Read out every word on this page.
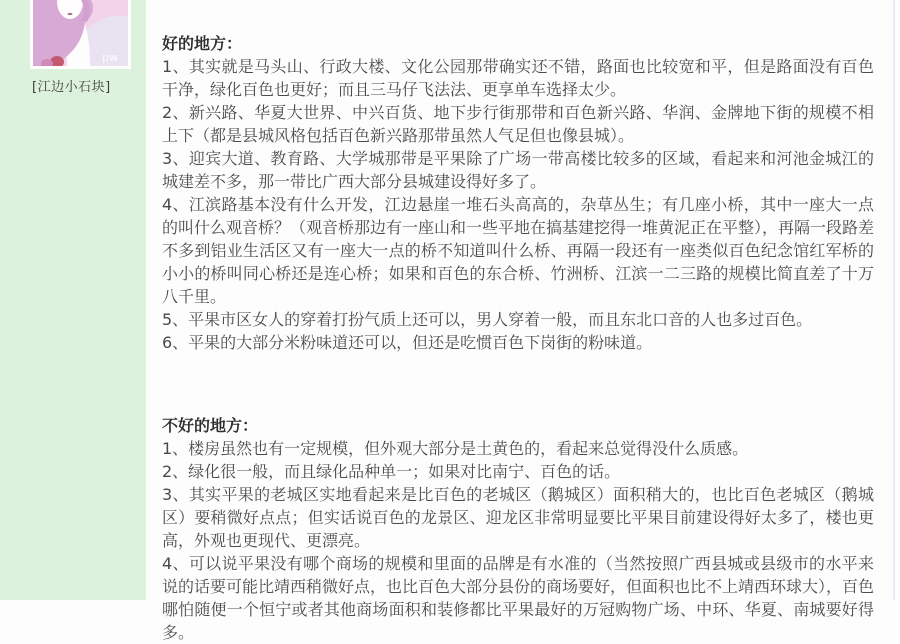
pw
[江边小石块]

好的地方：

1、其实就是马头山、行政大楼、文化公园那带确实还不错，路面也比较宽和平，但是路面没有百色干净，绿化百色也更好；而且三马仔飞法法、更享单车选择太少。

2、新兴路、华夏大世界、中兴百货、地下步行街那带和百色新兴路、华润、金牌地下街的规模不相上下（都是县城风格包括百色新兴路那带虽然人气足但也像县城）。

3、迎宾大道、教育路、大学城那带是平果除了广场一带高楼比较多的区域，看起来和河池金城江的城建差不多，那一带比广西大部分县城建设得好多了。

4、江滨路基本没有什么开发，江边悬崖一堆石头高高的，杂草丛生；有几座小桥，其中一座大一点的叫什么观音桥？（观音桥那边有一座山和一些平地在搞基建挖得一堆黄泥正在平整），再隔一段路差不多到铝业生活区又有一座大一点的桥不知道叫什么桥、再隔一段还有一座类似百色纪念馆红军桥的小小的桥叫同心桥还是连心桥；如果和百色的东合桥、竹洲桥、江滨一二三路的规模比简直差了十万八千里。

5、平果市区女人的穿着打扮气质上还可以，男人穿着一般，而且东北口音的人也多过百色。

6、平果的大部分米粉味道还可以，但还是吃惯百色下岗街的粉味道。

不好的地方：

1、楼房虽然也有一定规模，但外观大部分是土黄色的，看起来总觉得没什么质感。

2、绿化很一般，而且绿化品种单一；如果对比南宁、百色的话。

3、其实平果的老城区实地看起来是比百色的老城区（鹅城区）面积稍大的，也比百色老城区（鹅城区）要稍微好点点；但实话说百色的龙景区、迎龙区非常明显要比平果目前建设得好太多了，楼也更高，外观也更现代、更漂亮。

4、可以说平果没有哪个商场的规模和里面的品牌是有水准的（当然按照广西县城或县级市的水平来说的话要可能比靖西稍微好点，也比百色大部分县份的商场要好，但面积也比不上靖西环球大），百色哪怕随便一个恒宁或者其他商场面积和装修都比平果最好的万冠购物广场、中环、华夏、南城要好得多。
